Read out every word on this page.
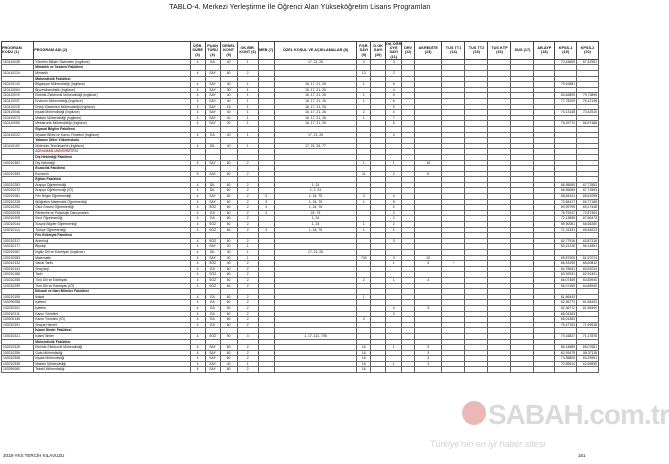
TABLO-4. Merkezi Yerleştirme İle Öğrenci Alan Yükseköğretim Lisans Programları
PROGRAM KODU (1)	PROGRAM ADI (2)	ÖĞR. SÜRE (3)	PUAN TÜRÜ (4)	GENEL KONT (5)	OK.BİR. KONT (6)	MEB (7)	ÖZEL KOŞUL VE AÇIKLAMALAR (8)	P.ŞR. SAYI (9)	D.OK SAYI (10)	DK.ÖĞR. ÜYE SAYI (11)	DRV (12)	AKREDİTE (13)	TUS TT1 (14)	TUS TT2 (15)	TUS KTP (16)	DUS (17)	AB.AYP (18)	KPSS-1 (19)	KPSS-2 (20)
110410028	Yönetim Bilişim Sistemleri (İngilizce)	4	EA	40	1		17, 21, 26	2		3								72,43659	67,42951
	Mimarlık ve Tasarım Fakültesi																		
110410224	Mimarlık	4	SAY	60	2			13		2									
	Mühendislik Fakültesi																		
110410143	Bilgisayar Mühendisliği (İngilizce)	4	SAY	40	1		16, 17, 21, 26	1		6								79,51881	
110410064	Biyomühendislik (İngilizce)	4	SAY	30	1		16, 17, 21, 26			4									
110410019	Elektrik-Elektronik Mühendisliği (İngilizce)	4	SAY	40	1		16, 17, 21, 26	1		3								83,83899	79,73896
110410037	Endüstri Mühendisliği (İngilizce)	4	SAY	40	1		16, 17, 21, 26	1		6								77,78209	76,12148
110410225	Enerji Sistemleri Mühendisliği (İngilizce)	4	SAY	15	1		16, 17, 21, 26			5									
110410046	İnşaat Mühendisliği (İngilizce)	4	SAY	40	1		16, 17, 21, 26	2		4								74,13148	73,42510
110410073	Makine Mühendisliği (İngilizce)	4	SAY	40	1		16, 17, 21, 26	1		7									
110410055	Mekatronik Mühendisliği (İngilizce)	4	SAY	20	1		16, 17, 21, 26			5								76,25770	66,97488
	Siyasal Bilgiler Fakültesi																		
110410222	Siyaset Bilimi ve Kamu Yönetimi (İngilizce)	4	EA	40	1		17, 21, 26			4									
	Yabancı Diller Yüksekokulu																		
110410152	Mütercim-Tercümanlık (İngilizce)	4	DİL	40	1		17, 21, 26, 77												
	ADIYAMAN ÜNİVERSİTESİ																		
	Diş Hekimliği Fakültesi																		
100210362	Diş Hekimliği	5	SAY	60	2			1		1		15							
	Eczacılık Fakültesi																		
100210353	Eczacılık	5	SAY	60	2			11		2		6							
	Eğitim Fakültesi																		
100210283	Arapça Öğretmenliği	4	DİL	60	2		1, 24											66,95065	67,72553
100210072	Arapça Öğretmenliği (İÖ)	4	DİL	60	2		1, 2, 24											66,95065	67,72553
100210081	Fen Bilgisi Öğretmenliği	4	SAY	60	2	3	1, 24, 75	2		4								68,84341	65,61095
100210228	İlköğretim Matematik Öğretmenliği	4	SAY	60	2	3	1, 24, 75	1		5								73,68417	65,77188
100210292	Okul Öncesi Öğretmenliği	4	SÖZ	60	2	3	1, 24, 75			2								69,99799	69,27448
100210035	Rehberlik ve Psikolojik Danışmanlık	4	EA	60	2	3	24, 75			3								76,79247	72,87400
100210205	Sınıf Öğretmenliği	4	EA	60	2		1, 24			2								72,13895	67,66473
100210044	Sosyal Bilgiler Öğretmenliği	4	SÖZ	60	2		1, 24	1		2								69,90081	66,66280
100210114	Türkçe Öğretmenliği	4	SÖZ	60	2	3	1, 24, 75	1		1								71,31331	69,55223
	Fen-Edebiyat Fakültesi																		
100210317	Arkeoloji	4	SÖZ	50	2					3								62,77916	63,87318
100210177	Biyoloji	4	SAY	20	1													60,21226	56,14551
100210087	İngiliz Dili ve Edebiyatı (İngilizce)	4	DİL	40	1		17, 21, 26												
100210053	Matematik	4	SAY	40	1			740		3		10						69,57000	61,57074
100210132	Sanat Tarihi	4	SÖZ	40	2					1		3	*					66,43199	65,60812
100210141	Sosyoloji	4	EA	60	2													64,78631	60,52034
100210186	Tarih	4	SÖZ	60	2													63,92931	62,92401
100210255	Türk Dili ve Edebiyatı	4	SÖZ	60	2			2		1		4						66,07469	64,85940
100210299	Türk Dili ve Edebiyatı (İÖ)	4	SÖZ	60	2													66,07469	64,85940
	İktisadi ve İdari Bilimler Fakültesi																		
100210195	İktisat	4	EA	60	2			1										61,66443	
100290058	İşletme	4	EA	60	2													62,36772	61,58400
100210202	İşletme	4	EA	50	2					4		3						62,36772	61,58400
100210211	Kamu Yönetimi	4	EA	60	2					3								65,01363	
100200145	Kamu Yönetimi (İÖ)	4	EA	60	2			2										65,01363	
100210291	Sosyal Hizmet	4	EA	60	2													75,47763	71,99918
	İslami İlimler Fakültesi																		
100210321	İslami İlimler	4	SÖZ	90	3		1, 17, 121, 705											70,16837	71,17876
	Mühendislik Fakültesi																		
100210326	Elektrik-Elektronik Mühendisliği	4	SAY	60	2			16		1		3						66,15689	65,07661
100210256	Gıda Mühendisliği	4	SAY	60	2			16				3						62,93479	58,37118
100210308	İnşaat Mühendisliği	4	SAY	60	2			16				3						73,95809	63,25951
100210335	Makine Mühendisliği	4	SAY	40	1			16		1		2						70,59514	62,55830
100290060	Tekstil Mühendisliği	4	SAY	60	2			16											
SABAH.com.tr
Türkiye'nin en iyi haber sitesi
2018-YKS TERCİH KILAVUZU	161
